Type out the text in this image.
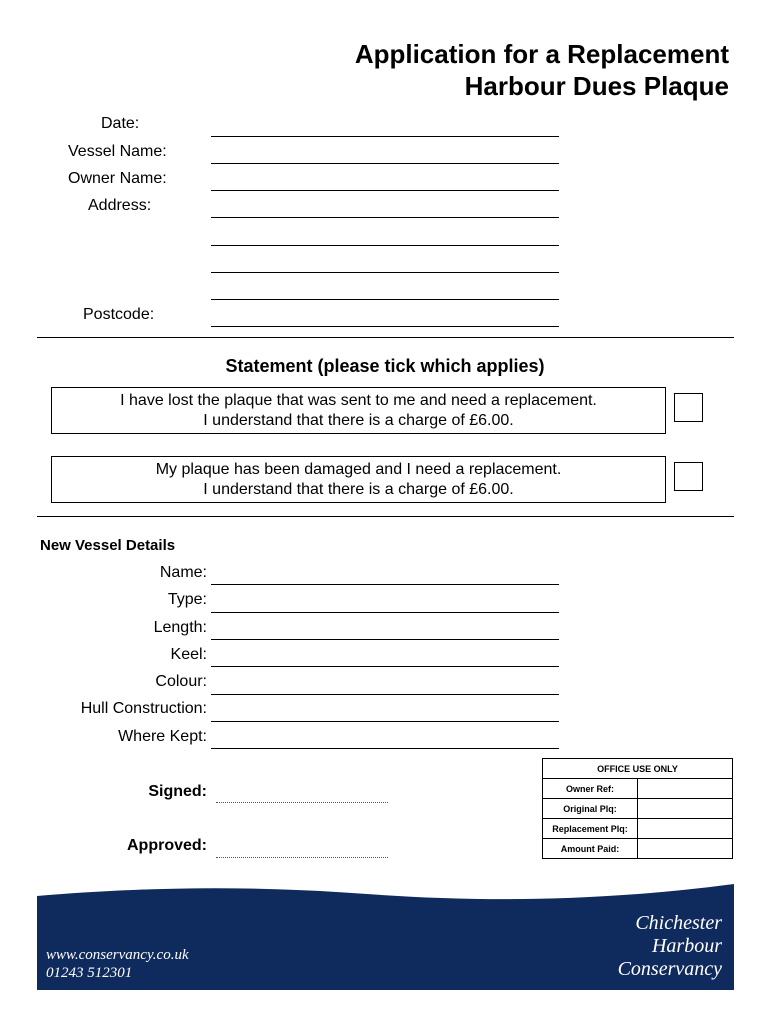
Application for a Replacement
Harbour Dues Plaque
Date:
Vessel Name:
Owner Name:
Address:
Postcode:
Statement (please tick which applies)
I have lost the plaque that was sent to me and need a replacement.
I understand that there is a charge of £6.00.
My plaque has been damaged and I need a replacement.
I understand that there is a charge of £6.00.
New Vessel Details
Name:
Type:
Length:
Keel:
Colour:
Hull Construction:
Where Kept:
Signed:
Approved:
OFFICE USE ONLY	
Owner Ref:	
Original Plq:	
Replacement Plq:	
Amount Paid:	
www.conservancy.co.uk
01243 512301
Chichester
Harbour
Conservancy
